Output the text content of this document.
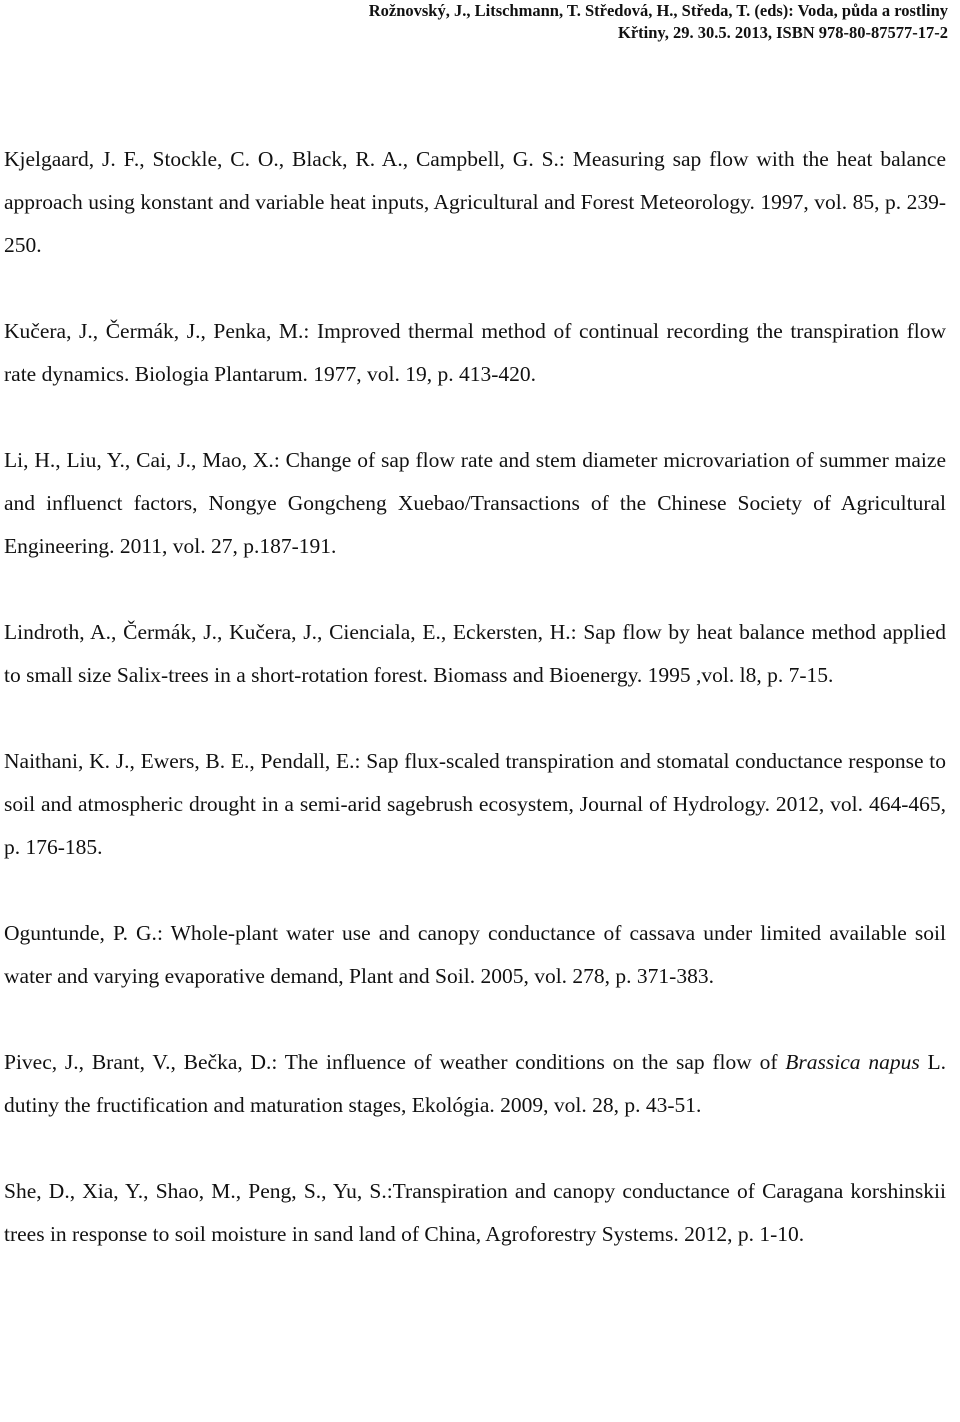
Rožnovský, J., Litschmann, T. Středová, H., Středa, T. (eds): Voda, půda a rostliny
Křtiny, 29. 30.5. 2013, ISBN 978-80-87577-17-2

Kjelgaard, J. F., Stockle, C. O., Black, R. A., Campbell, G. S.: Measuring sap flow with the heat balance approach using konstant and variable heat inputs, Agricultural and Forest Meteorology. 1997, vol. 85, p. 239-250.

Kučera, J., Čermák, J., Penka, M.: Improved thermal method of continual recording the transpiration flow rate dynamics. Biologia Plantarum. 1977, vol. 19, p. 413-420.

Li, H., Liu, Y., Cai, J., Mao, X.: Change of sap flow rate and stem diameter microvariation of summer maize and influenct factors, Nongye Gongcheng Xuebao/Transactions of the Chinese Society of Agricultural Engineering. 2011, vol. 27, p.187-191.

Lindroth, A., Čermák, J., Kučera, J., Cienciala, E., Eckersten, H.: Sap flow by heat balance method applied to small size Salix-trees in a short-rotation forest. Biomass and Bioenergy. 1995 ,vol. l8, p. 7-15.

Naithani, K. J., Ewers, B. E., Pendall, E.: Sap flux-scaled transpiration and stomatal conductance response to soil and atmospheric drought in a semi-arid sagebrush ecosystem, Journal of Hydrology. 2012, vol. 464-465, p. 176-185.

Oguntunde, P. G.: Whole-plant water use and canopy conductance of cassava under limited available soil water and varying evaporative demand, Plant and Soil. 2005, vol. 278, p. 371-383.

Pivec, J., Brant, V., Bečka, D.: The influence of weather conditions on the sap flow of Brassica napus L. dutiny the fructification and maturation stages, Ekológia. 2009, vol. 28, p. 43-51.

She, D., Xia, Y., Shao, M., Peng, S., Yu, S.:Transpiration and canopy conductance of Caragana korshinskii trees in response to soil moisture in sand land of China, Agroforestry Systems. 2012, p. 1-10.
